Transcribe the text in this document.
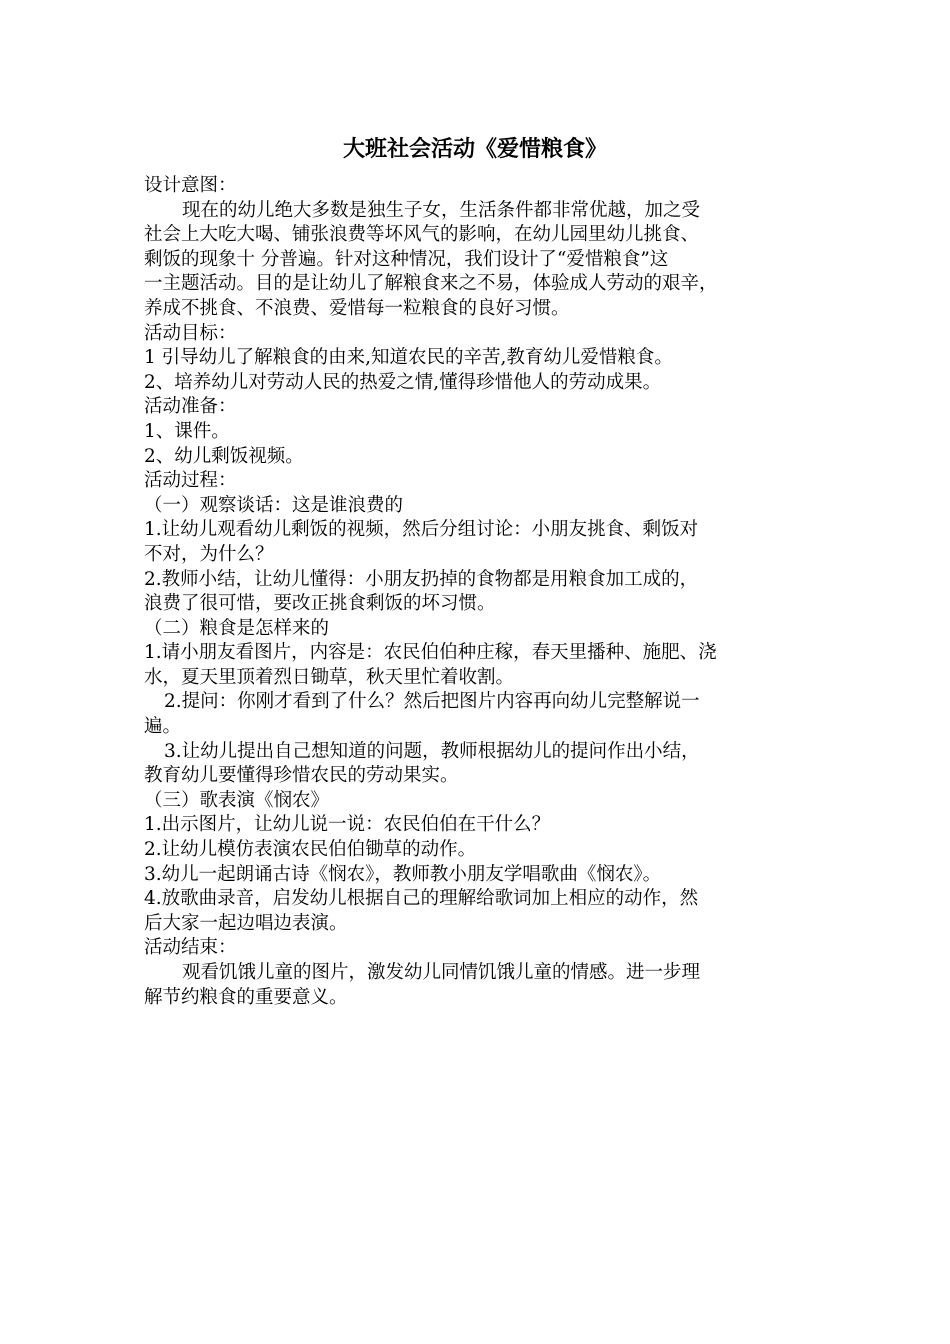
大班社会活动《爱惜粮食》
设计意图：
现在的幼儿绝大多数是独生子女，生活条件都非常优越，加之受
社会上大吃大喝、铺张浪费等坏风气的影响，在幼儿园里幼儿挑食、
剩饭的现象十 分普遍。针对这种情况，我们设计了“爱惜粮食”这
一主题活动。目的是让幼儿了解粮食来之不易，体验成人劳动的艰辛，
养成不挑食、不浪费、爱惜每一粒粮食的良好习惯。
活动目标：
1 引导幼儿了解粮食的由来,知道农民的辛苦,教育幼儿爱惜粮食。
2、培养幼儿对劳动人民的热爱之情,懂得珍惜他人的劳动成果。
活动准备：
1、课件。
2、幼儿剩饭视频。
活动过程：
（一）观察谈话：这是谁浪费的
1.让幼儿观看幼儿剩饭的视频，然后分组讨论：小朋友挑食、剩饭对
不对，为什么？
2.教师小结，让幼儿懂得：小朋友扔掉的食物都是用粮食加工成的，
浪费了很可惜，要改正挑食剩饭的坏习惯。
（二）粮食是怎样来的
1.请小朋友看图片，内容是：农民伯伯种庄稼，春天里播种、施肥、浇
水，夏天里顶着烈日锄草，秋天里忙着收割。
2.提问：你刚才看到了什么？然后把图片内容再向幼儿完整解说一
遍。
3.让幼儿提出自己想知道的问题，教师根据幼儿的提问作出小结，
教育幼儿要懂得珍惜农民的劳动果实。
（三）歌表演《悯农》
1.出示图片，让幼儿说一说：农民伯伯在干什么？
2.让幼儿模仿表演农民伯伯锄草的动作。
3.幼儿一起朗诵古诗《悯农》，教师教小朋友学唱歌曲《悯农》。
4.放歌曲录音，启发幼儿根据自己的理解给歌词加上相应的动作，然
后大家一起边唱边表演。
活动结束：
观看饥饿儿童的图片，激发幼儿同情饥饿儿童的情感。进一步理
解节约粮食的重要意义。
